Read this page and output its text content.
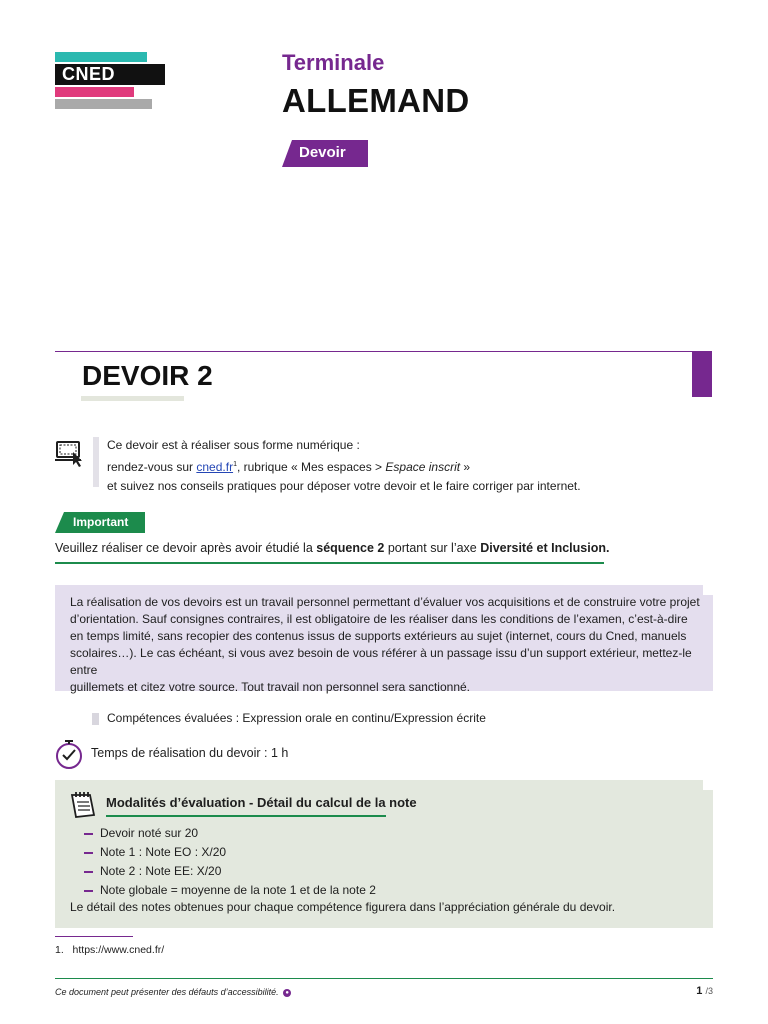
CNED	Terminale
ALLEMAND
Devoir
DEVOIR 2
Ce devoir est à réaliser sous forme numérique :
rendez-vous sur $cned.fr^1$, rubrique « Mes espaces > Espace inscrit »
et suivez nos conseils pratiques pour déposer votre devoir et le faire corriger par internet.
Important
Veuillez réaliser ce devoir après avoir étudié la séquence 2 portant sur l’axe Diversité et Inclusion.
La réalisation de vos devoirs est un travail personnel permettant d’évaluer vos acquisitions et de construire votre projet
d’orientation. Sauf consignes contraires, il est obligatoire de les réaliser dans les conditions de l’examen, c’est-à-dire
en temps limité, sans recopier des contenus issus de supports extérieurs au sujet (internet, cours du Cned, manuels
scolaires…). Le cas échéant, si vous avez besoin de vous référer à un passage issu d’un support extérieur, mettez-le entre
guillemets et citez votre source. Tout travail non personnel sera sanctionné.
Compétences évaluées : Expression orale en continu/Expression écrite
Temps de réalisation du devoir : 1 h
Modalités d’évaluation - Détail du calcul de la note
Devoir noté sur 20
Note 1 : Note EO : X/20
Note 2 : Note EE: X/20
Note globale = moyenne de la note 1 et de la note 2
Le détail des notes obtenues pour chaque compétence figurera dans l’appréciation générale du devoir.
1. https://www.cned.fr/
Ce document peut présenter des défauts d’accessibilité. ●	1 /3
